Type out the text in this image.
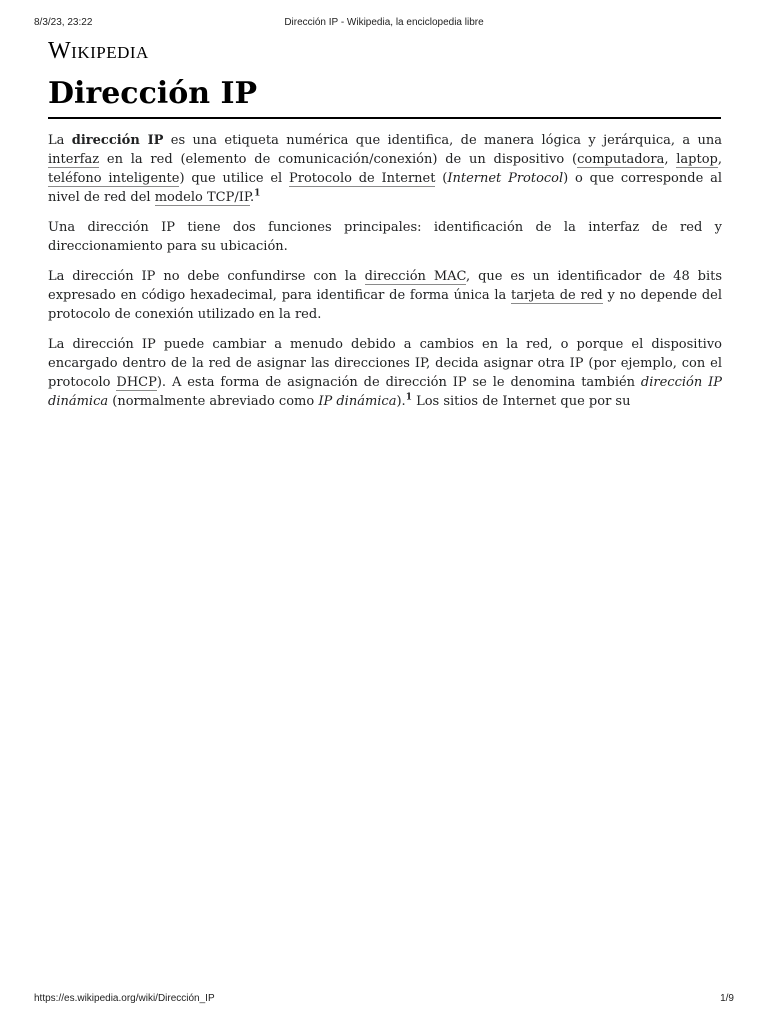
8/3/23, 23:22	Dirección IP - Wikipedia, la enciclopedia libre
Wikipedia
Dirección IP

La dirección IP es una etiqueta numérica que identifica, de manera lógica y jerárquica, a una interfaz en la red (elemento de comunicación/conexión) de un dispositivo (computadora, laptop, teléfono inteligente) que utilice el Protocolo de Internet (Internet Protocol) o que corresponde al nivel de red del modelo TCP/IP.$^1$

Una dirección IP tiene dos funciones principales: identificación de la interfaz de red y direccionamiento para su ubicación.

La dirección IP no debe confundirse con la dirección MAC, que es un identificador de 48 bits expresado en código hexadecimal, para identificar de forma única la tarjeta de red y no depende del protocolo de conexión utilizado en la red.

La dirección IP puede cambiar a menudo debido a cambios en la red, o porque el dispositivo encargado dentro de la red de asignar las direcciones IP, decida asignar otra IP (por ejemplo, con el protocolo DHCP). A esta forma de asignación de dirección IP se le denomina también dirección IP dinámica (normalmente abreviado como IP dinámica).$^1$ Los sitios de Internet que por su

https://es.wikipedia.org/wiki/Dirección_IP	1/9
